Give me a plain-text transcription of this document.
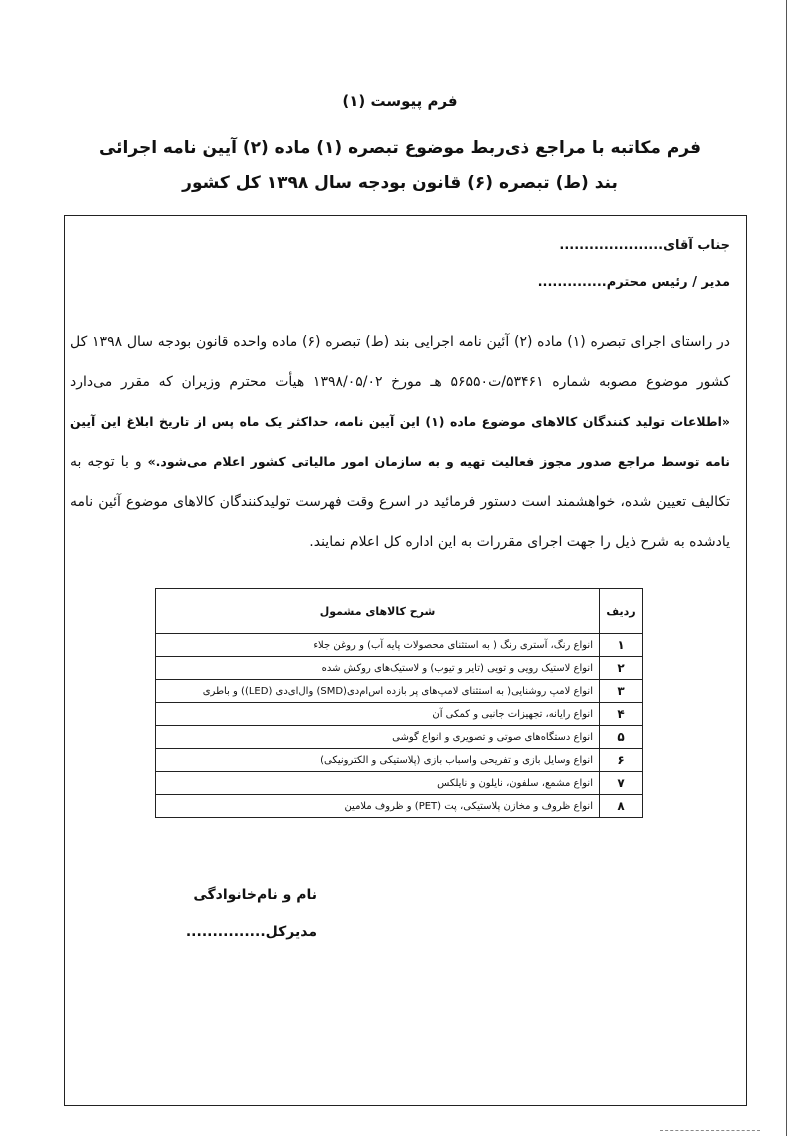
فرم پیوست (۱)
فرم مکاتبه با مراجع ذی‌ربط موضوع تبصره (۱) ماده (۲) آیین نامه اجرائی
بند (ط) تبصره (۶) قانون بودجه سال ۱۳۹۸ کل کشور
جناب آقای.....................
مدیر / رئیس محترم..............
در راستای اجرای تبصره (۱) ماده (۲) آئین نامه اجرایی بند (ط) تبصره (۶) ماده واحده قانون بودجه سال ۱۳۹۸ کل کشور موضوع مصوبه شماره ۵۳۴۶۱/ت۵۶۵۵۰ هـ مورخ ۱۳۹۸/۰۵/۰۲ هیأت محترم وزیران که مقرر می‌دارد «اطلاعات تولید کنندگان کالاهای موضوع ماده (۱) این آیین نامه، حداکثر یک ماه پس از تاریخ ابلاغ این آیین نامه توسط مراجع صدور مجوز فعالیت تهیه و به سازمان امور مالیاتی کشور اعلام می‌شود.» و با توجه به تکالیف تعیین شده، خواهشمند است دستور فرمائید در اسرع وقت فهرست تولیدکنندگان کالاهای موضوع آئین نامه یادشده به شرح ذیل را جهت اجرای مقررات به این اداره کل اعلام نمایند.
ردیف	شرح کالاهای مشمول
۱	انواع رنگ، آستری رنگ ( به استثنای محصولات پایه آب) و روغن جلاء
۲	انواع لاستیک رویی و تویی (تایر و تیوب) و لاستیک‌های روکش شده
۳	انواع لامپ روشنایی( به استثنای لامپ‌های پر بازده اس‌ام‌دی(SMD) وال‌ای‌دی (LED)) و باطری
۴	انواع رایانه، تجهیزات جانبی و کمکی آن
۵	انواع دستگاه‌های صوتی و تصویری و انواع گوشی
۶	انواع وسایل بازی و تفریحی واسباب بازی (پلاستیکی و الکترونیکی)
۷	انواع مشمع، سلفون، نایلون و نایلکس
۸	انواع ظروف و مخازن پلاستیکی، پت (PET) و ظروف ملامین
نام و نام‌خانوادگی
مدیرکل...............
